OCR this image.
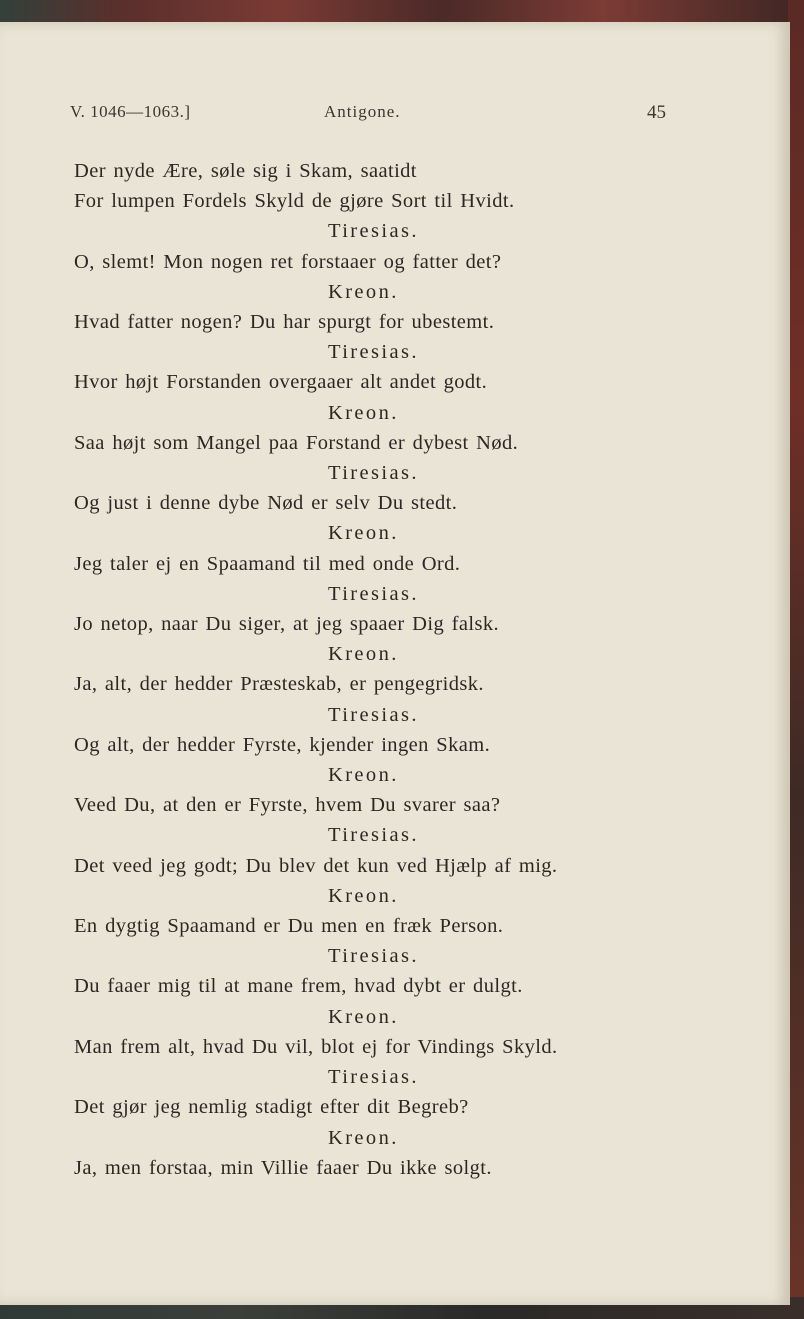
V. 1046—1063.]	Antigone.	45
Der nyde Ære, søle sig i Skam, saatidt
For lumpen Fordels Skyld de gjøre Sort til Hvidt.
Tiresias.
O, slemt! Mon nogen ret forstaaer og fatter det?
Kreon.
Hvad fatter nogen? Du har spurgt for ubestemt.
Tiresias.
Hvor højt Forstanden overgaaer alt andet godt.
Kreon.
Saa højt som Mangel paa Forstand er dybest Nød.
Tiresias.
Og just i denne dybe Nød er selv Du stedt.
Kreon.
Jeg taler ej en Spaamand til med onde Ord.
Tiresias.
Jo netop, naar Du siger, at jeg spaaer Dig falsk.
Kreon.
Ja, alt, der hedder Præsteskab, er pengegridsk.
Tiresias.
Og alt, der hedder Fyrste, kjender ingen Skam.
Kreon.
Veed Du, at den er Fyrste, hvem Du svarer saa?
Tiresias.
Det veed jeg godt; Du blev det kun ved Hjælp af mig.
Kreon.
En dygtig Spaamand er Du men en fræk Person.
Tiresias.
Du faaer mig til at mane frem, hvad dybt er dulgt.
Kreon.
Man frem alt, hvad Du vil, blot ej for Vindings Skyld.
Tiresias.
Det gjør jeg nemlig stadigt efter dit Begreb?
Kreon.
Ja, men forstaa, min Villie faaer Du ikke solgt.
